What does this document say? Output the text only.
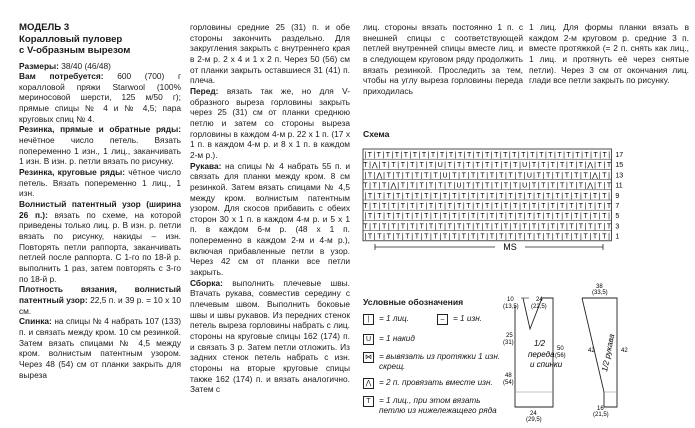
МОДЕЛЬ 3
Коралловый пуловер
с V-образным вырезом

Размеры: 38/40 (46/48)

Вам потребуется: 600 (700) г коралловой пряжи Starwool (100% мериносовой шерсти, 125 м/50 г); прямые спицы № 4 и № 4,5; пара круговых спиц № 4.

Резинка, прямые и обратные ряды: нечётное число петель. Вязать попеременно 1 изн., 1 лиц., заканчивать 1 изн. В изн. р. петли вязать по рисунку.

Резинка, круговые ряды: чётное число петель. Вязать попеременно 1 лиц., 1 изн.

Волнистый патентный узор (ширина 26 п.): вязать по схеме, на которой приведены только лиц. р. В изн. р. петли вязать по рисунку, накиды – изн. Повторять петли раппорта, заканчивать петлей после раппорта. С 1-го по 18-й р. выполнить 1 раз, затем повторять с 3-го по 18-й р.

Плотность вязания, волнистый патентный узор: 22,5 п. и 39 р. = 10 х 10 см.

Спинка: на спицы № 4 набрать 107 (133) п. и связать между кром. 10 см резинкой. Затем вязать спицами № 4,5 между кром. волнистым патентным узором. Через 48 (54) см от планки закрыть для выреза

горловины средние 25 (31) п. и обе стороны закончить раздельно. Для закругления закрыть с внутреннего края в 2-м р. 2 х 4 и 1 х 2 п. Через 50 (56) см от планки закрыть оставшиеся 31 (41) п. плеча.

Перед: вязать так же, но для V-образного выреза горловины закрыть через 25 (31) см от планки среднюю петлю и затем со стороны выреза горловины в каждом 4-м р. 22 х 1 п. (17 х 1 п. в каждом 4-м р. и 8 х 1 п. в каждом 2-м р.).

Рукава: на спицы № 4 набрать 55 п. и связать для планки между кром. 8 см резинкой. Затем вязать спицами № 4,5 между кром. волнистым патентным узором. Для скосов прибавить с обеих сторон 30 х 1 п. в каждом 4-м р. и 5 х 1 п. в каждом 6-м р. (48 х 1 п. попеременно в каждом 2-м и 4-м р.), включая прибавленные петли в узор. Через 42 см от планки все петли закрыть.

Сборка: выполнить плечевые швы. Втачать рукава, совместив середину с плечевым швом. Выполнить боковые швы и швы рукавов. Из передних стенок петель выреза горловины набрать с лиц. стороны на круговые спицы 162 (174) п. и связать 3 р. Затем петли отложить. Из задних стенок петель набрать с изн. стороны на вторые круговые спицы также 162 (174) п. и вязать аналогично. Затем с

лиц. стороны вязать постоянно 1 п. с внешней спицы с соответствующей петлей внутренней спицы вместе лиц. и в следующем круговом ряду продолжить вязать резинкой. Проследить за тем, чтобы на углу выреза горловины переда приходилась

1 лиц. Для формы планки вязать в каждом 2-м круговом р. средние 3 п. вместе протяжкой (= 2 п. снять как лиц., 1 лиц. и протянуть её через снятые петли). Через 3 см от окончания лиц. глади все петли закрыть по рисунку.

Схема
| T | T | T | T | T | T | T | T | T | T | T | T | T | T | T | T | T | T | T | T | T | T | T | T | T | T | T |
T | ⋀ | T | T | T | T | T | T | U | T | T | T | T | T | T | T | T | U | T | T | T | T | T | T | ⋀ | T | T
| T | ⋀ | T | T | T | T | T | T | U | T | T | T | T | T | T | T | T | U | T | T | T | T | T | T | ⋀ | T |
T | T | T | ⋀ | T | T | T | T | T | T | U | T | T | T | T | T | T | U | T | T | T | T | T | T | ⋀ | T | T
| T | T | T | T | T | T | T | T | T | T | T | T | T | T | T | T | T | T | T | T | T | T | T | T | T | T |
T | T | T | T | T | T | T | T | T | T | T | T | T | T | T | T | T | T | T | T | T | T | T | T | T | T | T
| T | T | T | T | T | T | T | T | T | T | T | T | T | T | T | T | T | T | T | T | T | T | T | T | T | T |
T | T | T | T | T | T | T | T | T | T | T | T | T | T | T | T | T | T | T | T | T | T | T | T | T | T | T
| T | T | T | T | T | T | T | T | T | T | T | T | T | T | T | T | T | T | T | T | T | T | T | T | T | T |
17
15
13
11
9
7
5
3
1
MS
1/2
переда
и спинки
10
(13,5)
24
(22,5)
25
(31)
48
(54)
50
(56)
24
(29,5)
38
(33,5)
42	42
16
(21,5)
1/2 рукава
Условные обозначения
|	= 1 лиц.	–	= 1 изн.
U = 1 накид
⋈ = вывязать из протяжки 1 изн. скрещ.
⋀ = 2 п. провязать вместе изн.
T	= 1 лиц., при этом вязать петлю из нижележащего ряда
